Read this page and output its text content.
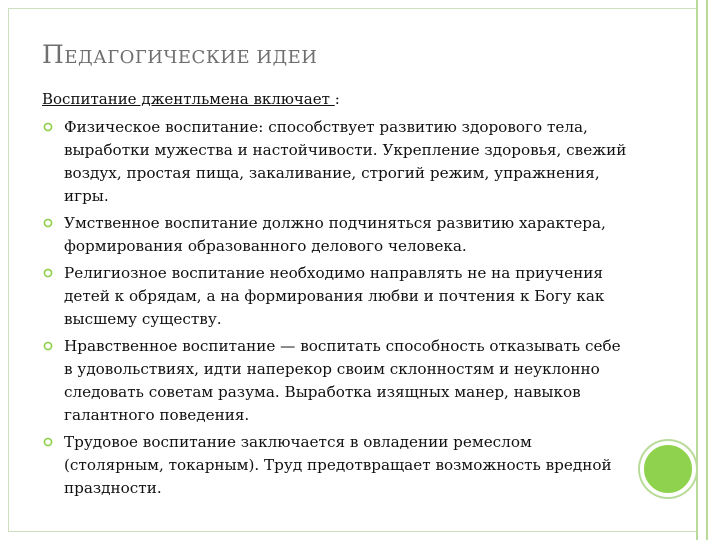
ПЕДАГОГИЧЕСКИЕ ИДЕИ
Воспитание джентльмена включает :
Физическое воспитание: способствует развитию здорового тела, выработки мужества и настойчивости. Укрепление здоровья, свежий воздух, простая пища, закаливание, строгий режим, упражнения, игры.
Умственное воспитание должно подчиняться развитию характера, формирования образованного делового человека.
Религиозное воспитание необходимо направлять не на приучения детей к обрядам, а на формирования любви и почтения к Богу как высшему существу.
Нравственное воспитание — воспитать способность отказывать себе в удовольствиях, идти наперекор своим склонностям и неуклонно следовать советам разума. Выработка изящных манер, навыков галантного поведения.
Трудовое воспитание заключается в овладении ремеслом (столярным, токарным). Труд предотвращает возможность вредной праздности.
